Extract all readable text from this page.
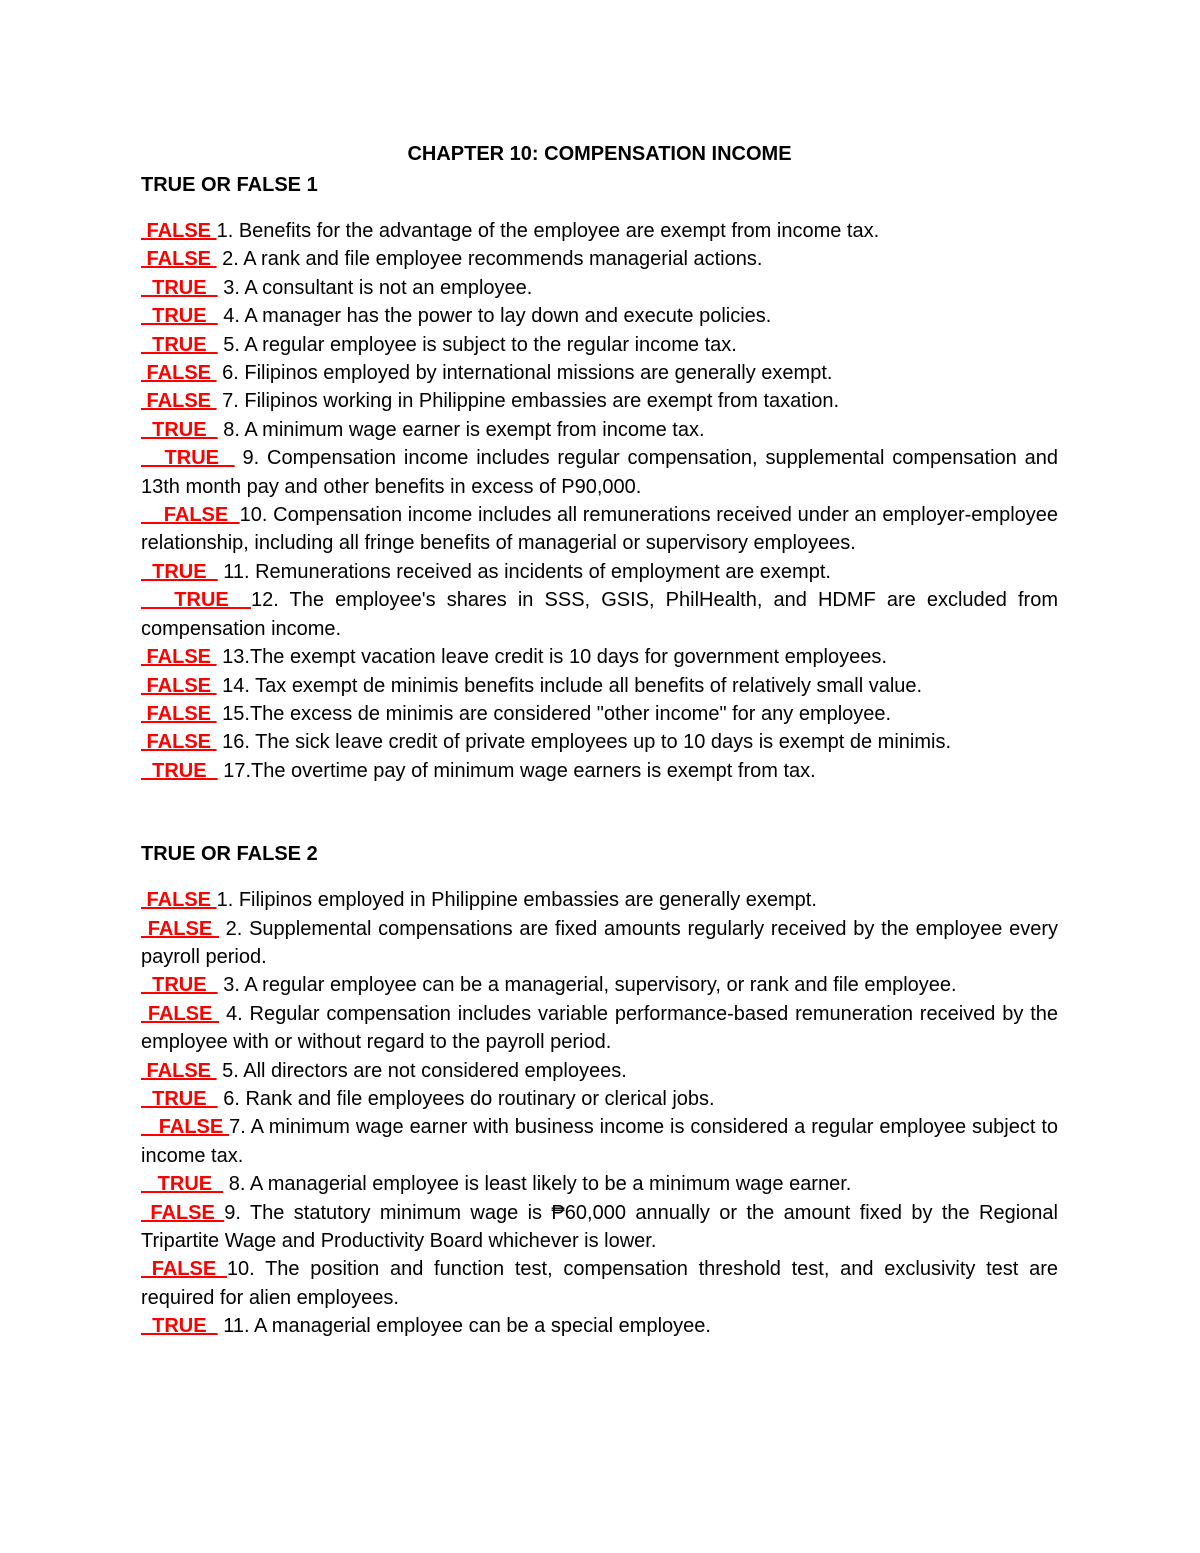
CHAPTER 10: COMPENSATION INCOME

TRUE OR FALSE 1

FALSE 1. Benefits for the advantage of the employee are exempt from income tax.

FALSE  2. A rank and file employee recommends managerial actions.

TRUE   3. A consultant is not an employee.

TRUE   4. A manager has the power to lay down and execute policies.

TRUE   5. A regular employee is subject to the regular income tax.

FALSE  6. Filipinos employed by international missions are generally exempt.

FALSE  7. Filipinos working in Philippine embassies are exempt from taxation.

TRUE   8. A minimum wage earner is exempt from income tax.

TRUE   9. Compensation income includes regular compensation, supplemental compensation and 13th month pay and other benefits in excess of P90,000.

FALSE  10. Compensation income includes all remunerations received under an employer-employee relationship, including all fringe benefits of managerial or supervisory employees.

TRUE   11. Remunerations received as incidents of employment are exempt.

TRUE  12. The employee's shares in SSS, GSIS, PhilHealth, and HDMF are excluded from compensation income.

FALSE  13.The exempt vacation leave credit is 10 days for government employees.

FALSE  14. Tax exempt de minimis benefits include all benefits of relatively small value.

FALSE  15.The excess de minimis are considered "other income" for any employee.

FALSE  16. The sick leave credit of private employees up to 10 days is exempt de minimis.

TRUE   17.The overtime pay of minimum wage earners is exempt from tax.

TRUE OR FALSE 2

FALSE 1. Filipinos employed in Philippine embassies are generally exempt.

FALSE  2. Supplemental compensations are fixed amounts regularly received by the employee every payroll period.

TRUE   3. A regular employee can be a managerial, supervisory, or rank and file employee.

FALSE  4. Regular compensation includes variable performance-based remuneration received by the employee with or without regard to the payroll period.

FALSE  5. All directors are not considered employees.

TRUE   6. Rank and file employees do routinary or clerical jobs.

FALSE 7. A minimum wage earner with business income is considered a regular employee subject to income tax.

TRUE   8. A managerial employee is least likely to be a minimum wage earner.

FALSE 9. The statutory minimum wage is ₱60,000 annually or the amount fixed by the Regional Tripartite Wage and Productivity Board whichever is lower.

FALSE 10. The position and function test, compensation threshold test, and exclusivity test are required for alien employees.

TRUE   11. A managerial employee can be a special employee.
